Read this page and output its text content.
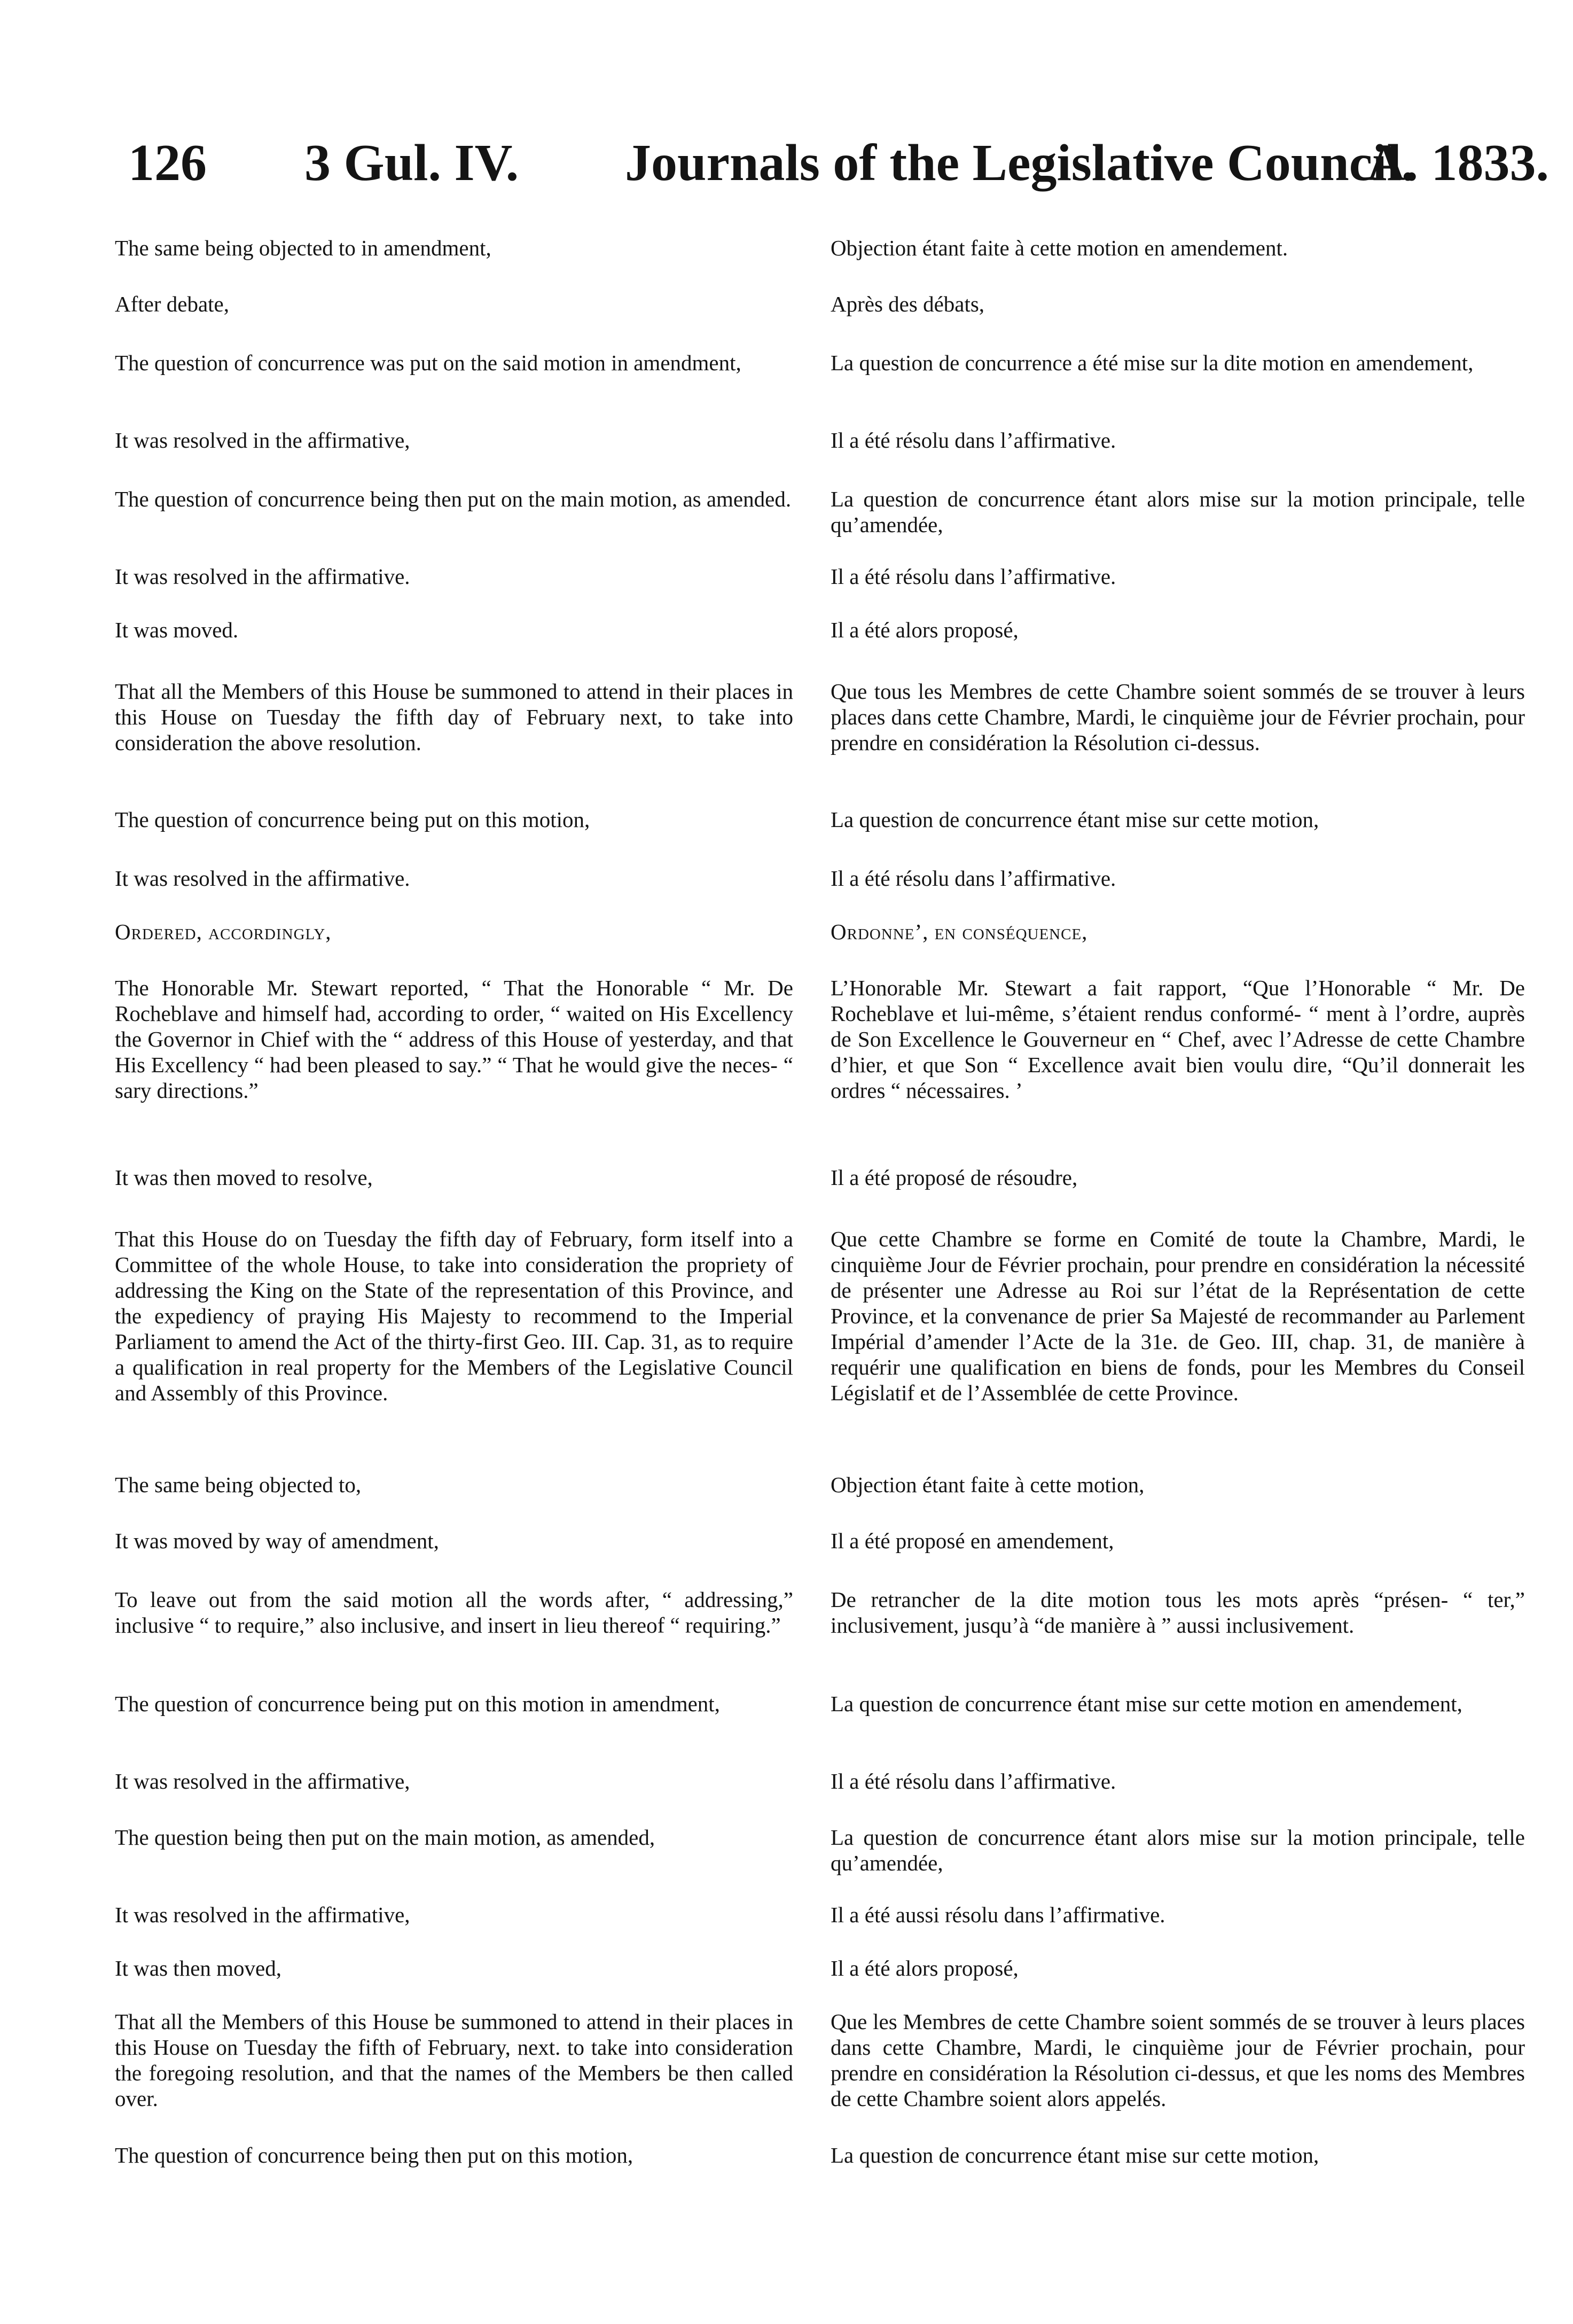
126 3 Gul. IV. Journals of the Legislative Council.
A. 1833.

The same being objected to in amendment,

After debate,

The question of concurrence was put on the said motion in amendment,

It was resolved in the affirmative,

The question of concurrence being then put on the main motion, as amended.

It was resolved in the affirmative.

It was moved.

That all the Members of this House be summoned to attend in their places in this House on Tuesday the fifth day of February next, to take into consideration the above resolution.

The question of concurrence being put on this motion,

It was resolved in the affirmative.

Ordered, accordingly,

The Honorable Mr. Stewart reported, “ That the Honorable “ Mr. De Rocheblave and himself had, according to order, “ waited on His Excellency the Governor in Chief with the “ address of this House of yesterday, and that His Excellency “ had been pleased to say.” “ That he would give the neces- “ sary directions.”

It was then moved to resolve,

That this House do on Tuesday the fifth day of February, form itself into a Committee of the whole House, to take into consideration the propriety of addressing the King on the State of the representation of this Province, and the expediency of praying His Majesty to recommend to the Imperial Parliament to amend the Act of the thirty-first Geo. III. Cap. 31, as to require a qualification in real property for the Members of the Legislative Council and Assembly of this Province.

The same being objected to,

It was moved by way of amendment,

To leave out from the said motion all the words after, “ addressing,” inclusive “ to require,” also inclusive, and insert in lieu thereof “ requiring.”

The question of concurrence being put on this motion in amendment,

It was resolved in the affirmative,

The question being then put on the main motion, as amended,

It was resolved in the affirmative,

It was then moved,

That all the Members of this House be summoned to attend in their places in this House on Tuesday the fifth of February, next. to take into consideration the foregoing resolution, and that the names of the Members be then called over.

The question of concurrence being then put on this motion,

Objection étant faite à cette motion en amendement.

Après des débats,

La question de concurrence a été mise sur la dite motion en amendement,

Il a été résolu dans l’affirmative.

La question de concurrence étant alors mise sur la motion principale, telle qu’amendée,

Il a été résolu dans l’affirmative.

Il a été alors proposé,

Que tous les Membres de cette Chambre soient sommés de se trouver à leurs places dans cette Chambre, Mardi, le cinquième jour de Février prochain, pour prendre en considération la Résolution ci-dessus.

La question de concurrence étant mise sur cette motion,

Il a été résolu dans l’affirmative.

Ordonne’, en conséquence,

L’Honorable Mr. Stewart a fait rapport, “Que l’Honorable “ Mr. De Rocheblave et lui-même, s’étaient rendus conformé- “ ment à l’ordre, auprès de Son Excellence le Gouverneur en “ Chef, avec l’Adresse de cette Chambre d’hier, et que Son “ Excellence avait bien voulu dire, “Qu’il donnerait les ordres “ nécessaires. ’

Il a été proposé de résoudre,

Que cette Chambre se forme en Comité de toute la Chambre, Mardi, le cinquième Jour de Février prochain, pour prendre en considération la nécessité de présenter une Adresse au Roi sur l’état de la Représentation de cette Province, et la convenance de prier Sa Majesté de recommander au Parlement Impérial d’amender l’Acte de la 31e. de Geo. III, chap. 31, de manière à requérir une qualification en biens de fonds, pour les Membres du Conseil Législatif et de l’Assemblée de cette Province.

Objection étant faite à cette motion,

Il a été proposé en amendement,

De retrancher de la dite motion tous les mots après “présen- “ ter,” inclusivement, jusqu’à “de manière à ” aussi inclusivement.

La question de concurrence étant mise sur cette motion en amendement,

Il a été résolu dans l’affirmative.

La question de concurrence étant alors mise sur la motion principale, telle qu’amendée,

Il a été aussi résolu dans l’affirmative.

Il a été alors proposé,

Que les Membres de cette Chambre soient sommés de se trouver à leurs places dans cette Chambre, Mardi, le cinquième jour de Février prochain, pour prendre en considération la Résolution ci-dessus, et que les noms des Membres de cette Chambre soient alors appelés.

La question de concurrence étant mise sur cette motion,
